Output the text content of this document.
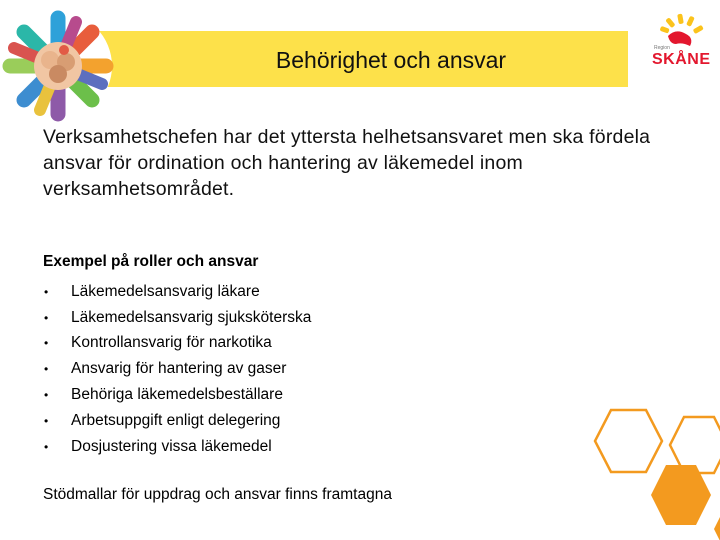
Behörighet och ansvar	Region
SKÅNE
Verksamhetschefen har det yttersta helhetsansvaret men ska fördela ansvar för ordination och hantering av läkemedel inom verksamhetsområdet.
Exempel på roller och ansvar
•	Läkemedelsansvarig läkare
•	Läkemedelsansvarig sjuksköterska
•	Kontrollansvarig för narkotika
•	Ansvarig för hantering av gaser
•	Behöriga läkemedelsbeställare
•	Arbetsuppgift enligt delegering
•	Dosjustering vissa läkemedel
Stödmallar för uppdrag och ansvar finns framtagna
